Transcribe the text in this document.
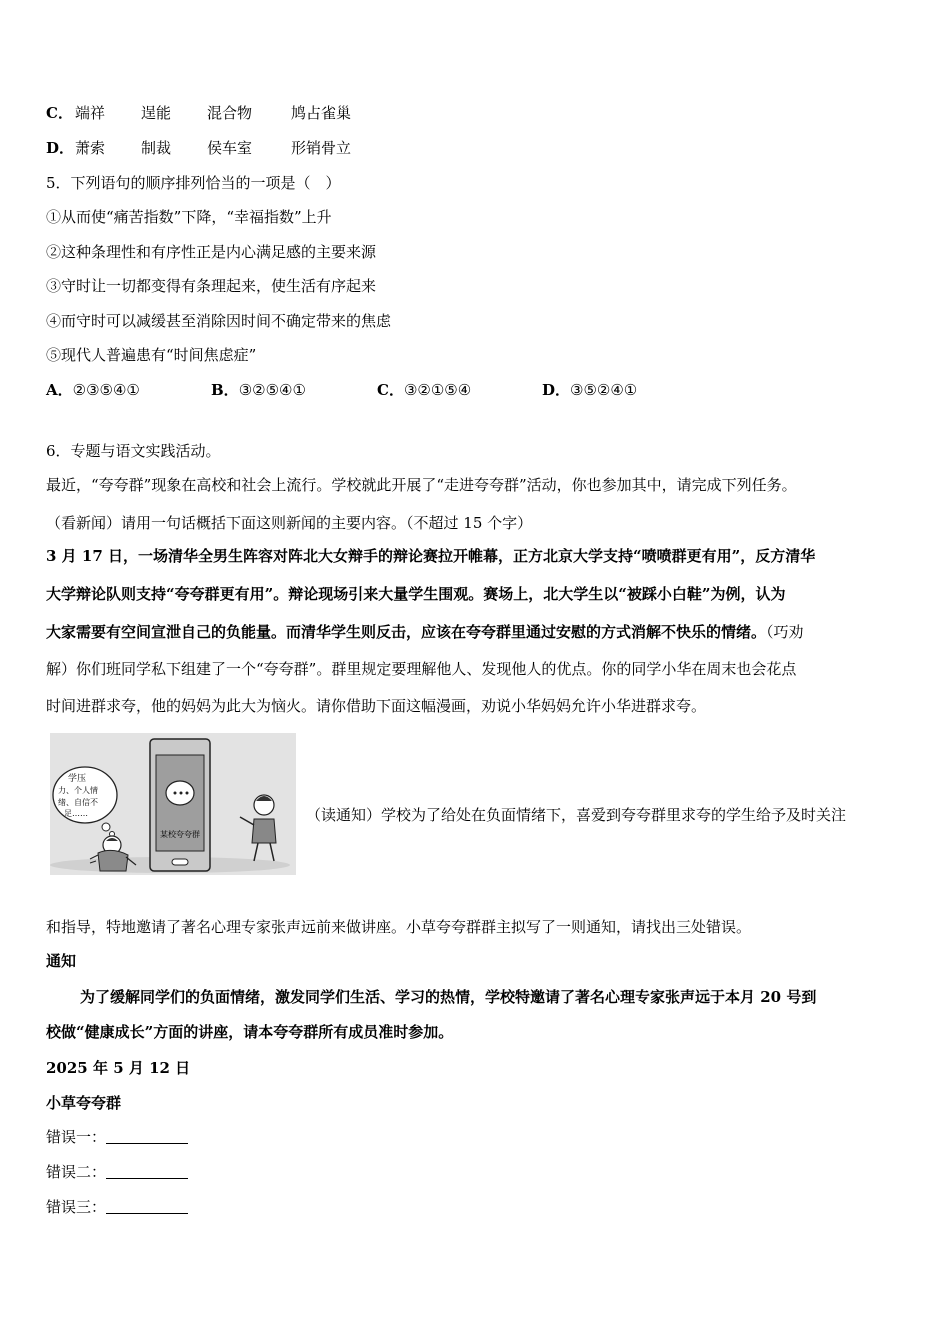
C． 端祥 逞能 混合物	鸠占雀巢
D．萧索 制裁 侯车室	形销骨立
5．下列语句的顺序排列恰当的一项是（　）
①从而使“痛苦指数”下降，“幸福指数”上升
②这种条理性和有序性正是内心满足感的主要来源
③守时让一切都变得有条理起来，使生活有序起来
④而守时可以减缓甚至消除因时间不确定带来的焦虑
⑤现代人普遍患有“时间焦虑症”
A．②③⑤④①	B．③②⑤④①	C．③②①⑤④	D．③⑤②④①
6．专题与语文实践活动。
最近，“夸夸群”现象在高校和社会上流行。学校就此开展了“走进夸夸群”活动，你也参加其中，请完成下列任务。
（看新闻）请用一句话概括下面这则新闻的主要内容。（不超过 15 个字）
3 月 17 日，一场清华全男生阵容对阵北大女辩手的辩论赛拉开帷幕，正方北京大学支持“喷喷群更有用”，反方清华
大学辩论队则支持“夸夸群更有用”。辩论现场引来大量学生围观。赛场上，北大学生以“被踩小白鞋”为例，认为
大家需要有空间宣泄自己的负能量。而清华学生则反击，应该在夸夸群里通过安慰的方式消解不快乐的情绪。（巧劝
解）你们班同学私下组建了一个“夸夸群”。群里规定要理解他人、发现他人的优点。你的同学小华在周末也会花点
时间进群求夸，他的妈妈为此大为恼火。请你借助下面这幅漫画，劝说小华妈妈允许小华进群求夸。
学压
力、个人情
绪、自信不
足……
某校夸夸群
（读通知）学校为了给处在负面情绪下，喜爱到夸夸群里求夸的学生给予及时关注
和指导，特地邀请了著名心理专家张声远前来做讲座。小草夸夸群群主拟写了一则通知，请找出三处错误。
通知
为了缓解同学们的负面情绪，激发同学们生活、学习的热情，学校特邀请了著名心理专家张声远于本月 20 号到
校做“健康成长”方面的讲座，请本夸夸群所有成员准时参加。
2025 年 5 月 12 日
小草夸夸群
错误一：
错误二：
错误三：
